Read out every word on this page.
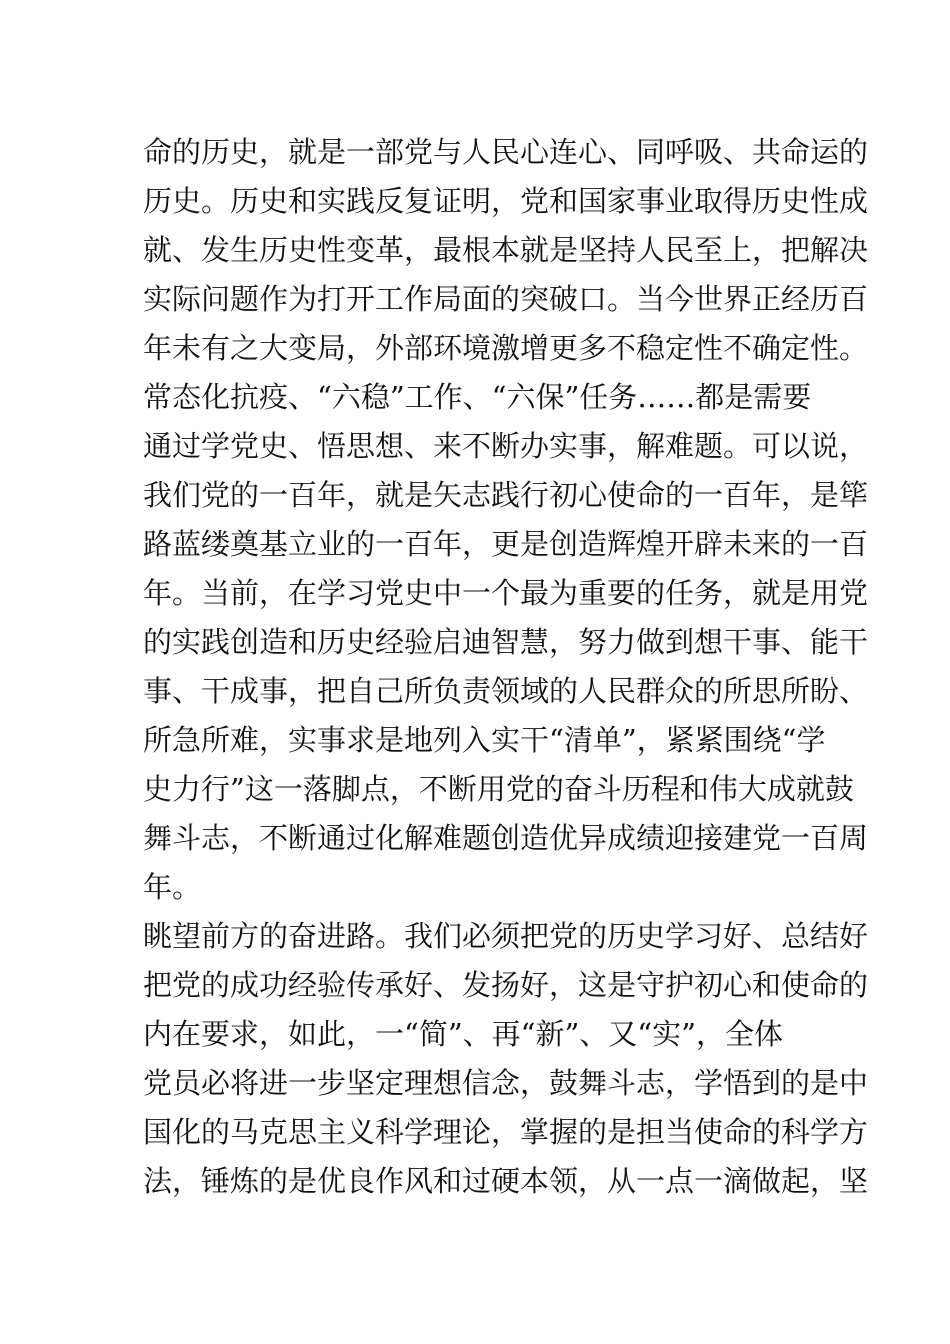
命的历史，就是一部党与人民心连心、同呼吸、共命运的
历史。历史和实践反复证明，党和国家事业取得历史性成
就、发生历史性变革，最根本就是坚持人民至上，把解决
实际问题作为打开工作局面的突破口。当今世界正经历百
年未有之大变局，外部环境激增更多不稳定性不确定性。
常态化抗疫、“六稳”工作、“六保”任务……都是需要
通过学党史、悟思想、来不断办实事，解难题。可以说，
我们党的一百年，就是矢志践行初心使命的一百年，是筚
路蓝缕奠基立业的一百年，更是创造辉煌开辟未来的一百
年。当前，在学习党史中一个最为重要的任务，就是用党
的实践创造和历史经验启迪智慧，努力做到想干事、能干
事、干成事，把自己所负责领域的人民群众的所思所盼、
所急所难，实事求是地列入实干“清单”，紧紧围绕“学
史力行”这一落脚点，不断用党的奋斗历程和伟大成就鼓
舞斗志，不断通过化解难题创造优异成绩迎接建党一百周
年。
眺望前方的奋进路。我们必须把党的历史学习好、总结好
把党的成功经验传承好、发扬好，这是守护初心和使命的
内在要求，如此，一“简”、再“新”、又“实”，全体
党员必将进一步坚定理想信念，鼓舞斗志，学悟到的是中
国化的马克思主义科学理论，掌握的是担当使命的科学方
法，锤炼的是优良作风和过硬本领，从一点一滴做起，坚
